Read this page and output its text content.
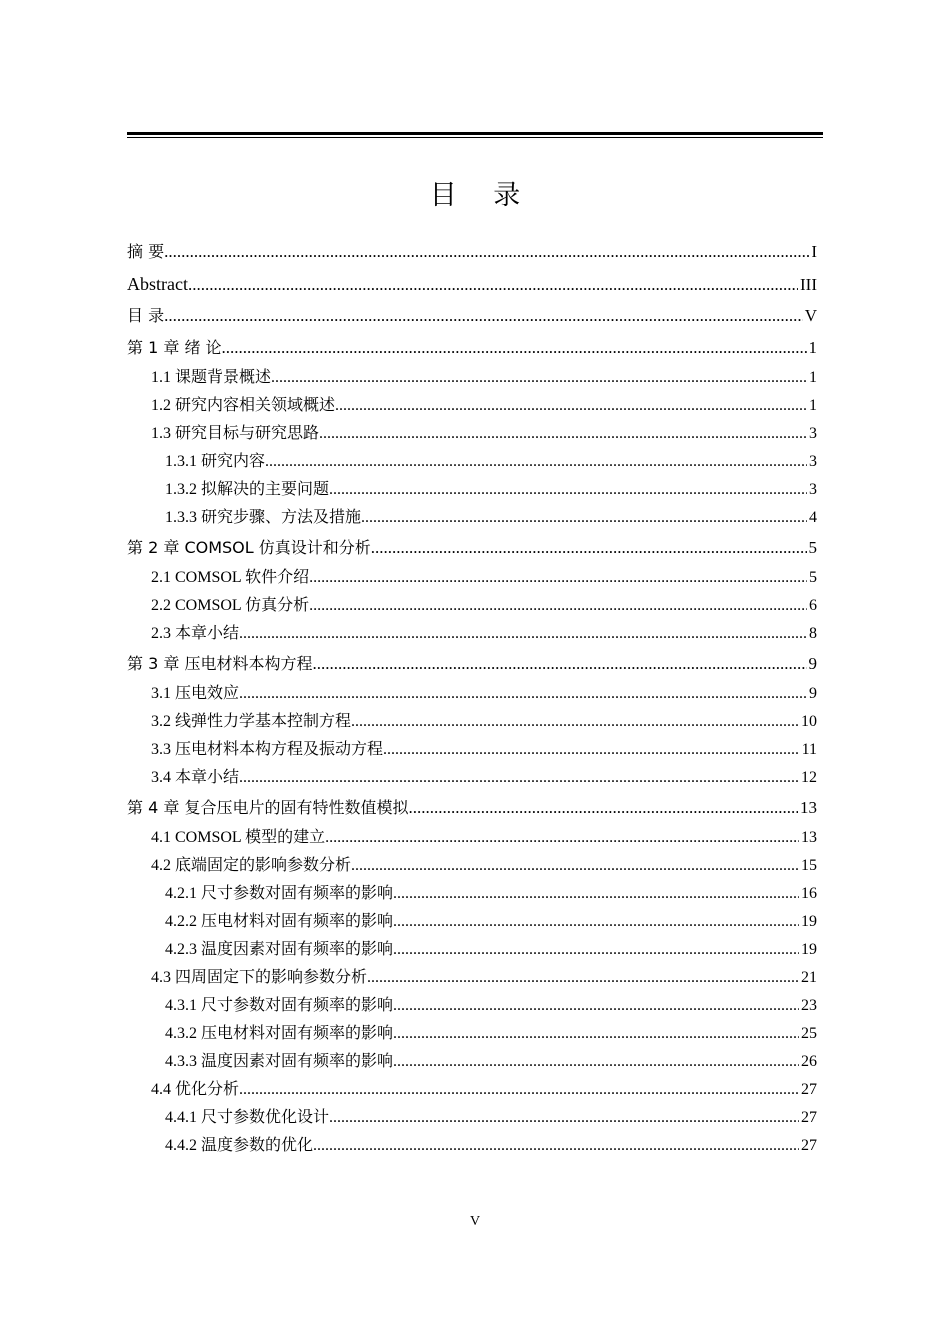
目 录
摘 要 .....	I
Abstract .....	III
目 录 .....	V
第 1 章 绪 论 .....	1
1.1 课题背景概述 .....	1
1.2 研究内容相关领域概述 .....	1
1.3 研究目标与研究思路 .....	3
1.3.1 研究内容 .....	3
1.3.2 拟解决的主要问题 .....	3
1.3.3 研究步骤、方法及措施 .....	4
第 2 章 COMSOL 仿真设计和分析 .....	5
2.1 COMSOL 软件介绍 .....	5
2.2 COMSOL 仿真分析 .....	6
2.3 本章小结 .....	8
第 3 章 压电材料本构方程 .....	9
3.1 压电效应 .....	9
3.2 线弹性力学基本控制方程 .....	10
3.3 压电材料本构方程及振动方程 .....	11
3.4 本章小结 .....	12
第 4 章 复合压电片的固有特性数值模拟 .....	13
4.1 COMSOL 模型的建立 .....	13
4.2 底端固定的影响参数分析 .....	15
4.2.1 尺寸参数对固有频率的影响 .....	16
4.2.2 压电材料对固有频率的影响 .....	19
4.2.3 温度因素对固有频率的影响 .....	19
4.3 四周固定下的影响参数分析 .....	21
4.3.1 尺寸参数对固有频率的影响 .....	23
4.3.2 压电材料对固有频率的影响 .....	25
4.3.3 温度因素对固有频率的影响 .....	26
4.4 优化分析 .....	27
4.4.1 尺寸参数优化设计 .....	27
4.4.2 温度参数的优化 .....	27
V
